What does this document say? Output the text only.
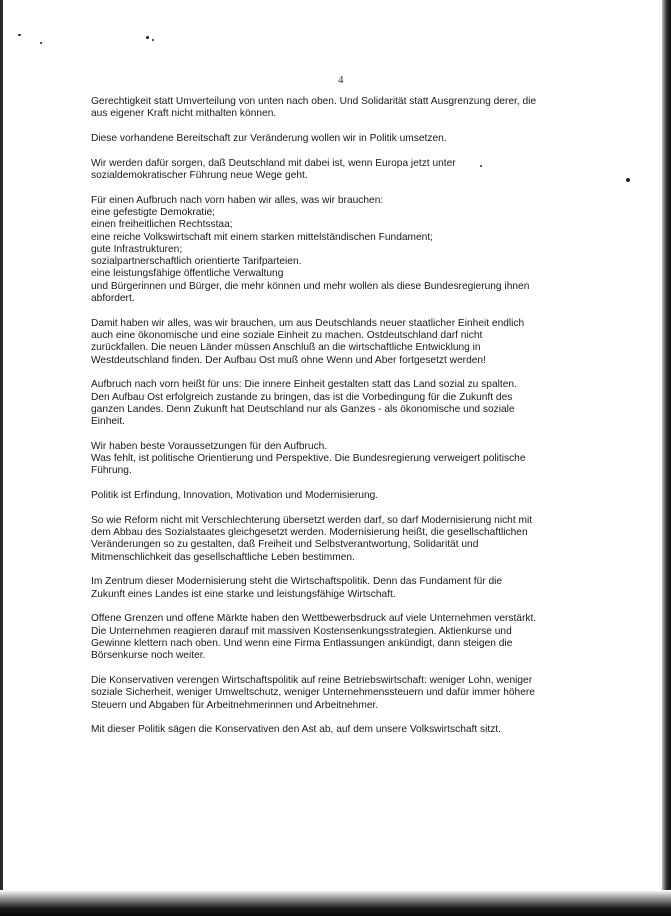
4

Gerechtigkeit statt Umverteilung von unten nach oben. Und Solidarität statt Ausgrenzung derer, die
aus eigener Kraft nicht mithalten können.

Diese vorhandene Bereitschaft zur Veränderung wollen wir in Politik umsetzen.

Wir werden dafür sorgen, daß Deutschland mit dabei ist, wenn Europa jetzt unter
sozialdemokratischer Führung neue Wege geht.

Für einen Aufbruch nach vorn haben wir alles, was wir brauchen:
eine gefestigte Demokratie;
einen freiheitlichen Rechtsstaa;
eine reiche Volkswirtschaft mit einem starken mittelständischen Fundament;
gute Infrastrukturen;
sozialpartnerschaftlich orientierte Tarifparteien.
eine leistungsfähige öffentliche Verwaltung
und Bürgerinnen und Bürger, die mehr können und mehr wollen als diese Bundesregierung ihnen
abfordert.

Damit haben wir alles, was wir brauchen, um aus Deutschlands neuer staatlicher Einheit endlich
auch eine ökonomische und eine soziale Einheit zu machen. Ostdeutschland darf nicht
zurückfallen. Die neuen Länder müssen Anschluß an die wirtschaftliche Entwicklung in
Westdeutschland finden. Der Aufbau Ost muß ohne Wenn und Aber fortgesetzt werden!

Aufbruch nach vorn heißt für uns: Die innere Einheit gestalten statt das Land sozial zu spalten.
Den Aufbau Ost erfolgreich zustande zu bringen, das ist die Vorbedingung für die Zukunft des
ganzen Landes. Denn Zukunft hat Deutschland nur als Ganzes - als ökonomische und soziale
Einheit.

Wir haben beste Voraussetzungen für den Aufbruch.
Was fehlt, ist politische Orientierung und Perspektive. Die Bundesregierung verweigert politische
Führung.

Politik ist Erfindung, Innovation, Motivation und Modernisierung.

So wie Reform nicht mit Verschlechterung übersetzt werden darf, so darf Modernisierung nicht mit
dem Abbau des Sozialstaates gleichgesetzt werden. Modernisierung heißt, die gesellschaftlichen
Veränderungen so zu gestalten, daß Freiheit und Selbstverantwortung, Solidarität und
Mitmenschlichkeit das gesellschaftliche Leben bestimmen.

Im Zentrum dieser Modernisierung steht die Wirtschaftspolitik. Denn das Fundament für die
Zukunft eines Landes ist eine starke und leistungsfähige Wirtschaft.

Offene Grenzen und offene Märkte haben den Wettbewerbsdruck auf viele Unternehmen verstärkt.
Die Unternehmen reagieren darauf mit massiven Kostensenkungsstrategien. Aktienkurse und
Gewinne klettern nach oben. Und wenn eine Firma Entlassungen ankündigt, dann steigen die
Börsenkurse noch weiter.

Die Konservativen verengen Wirtschaftspolitik auf reine Betriebswirtschaft: weniger Lohn, weniger
soziale Sicherheit, weniger Umweltschutz, weniger Unternehmenssteuern und dafür immer höhere
Steuern und Abgaben für Arbeitnehmerinnen und Arbeitnehmer.

Mit dieser Politik sägen die Konservativen den Ast ab, auf dem unsere Volkswirtschaft sitzt.
